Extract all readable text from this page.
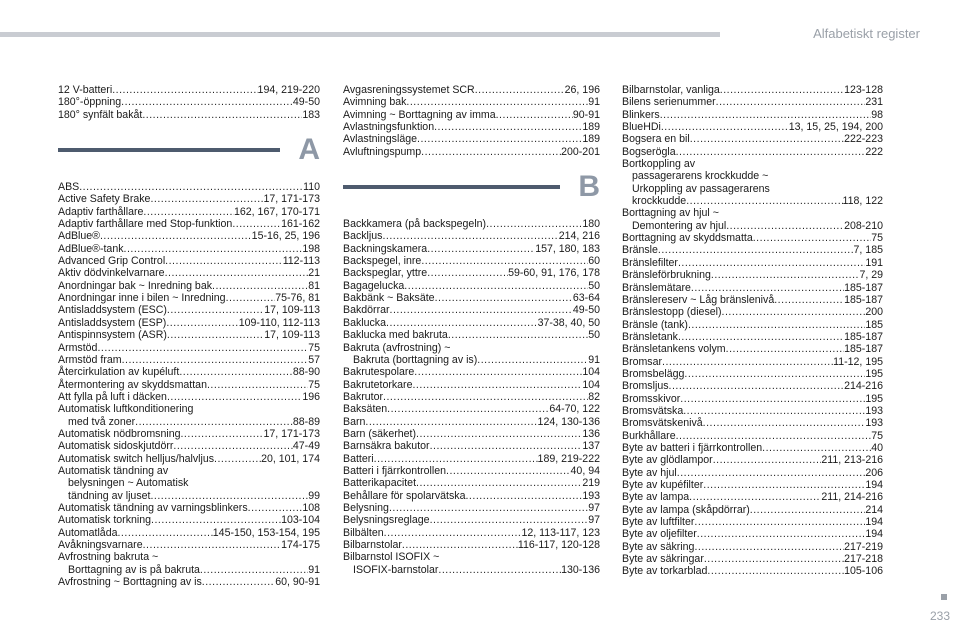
Alfabetiskt register
12 V-batteri .....	194, 219-220
180°-öppning .....	49-50
180° synfält bakåt .....	183
A
ABS .....	110
Active Safety Brake .....	17, 171-173
Adaptiv farthållare .....	162, 167, 170-171
Adaptiv farthållare med Stop-funktion .....	161-162
AdBlue® .....	15-16, 25, 196
AdBlue®-tank .....	198
Advanced Grip Control .....	112-113
Aktiv dödvinkelvarnare .....	21
Anordningar bak ~ Inredning bak .....	81
Anordningar inne i bilen ~ Inredning .....	75-76, 81
Antisladdsystem (ESC) .....	17, 109-113
Antisladdsystem (ESP) .....	109-110, 112-113
Antispinnsystem (ASR) .....	17, 109-113
Armstöd .....	75
Armstöd fram .....	57
Återcirkulation av kupéluft .....	88-90
Återmontering av skyddsmattan .....	75
Att fylla på luft i däcken .....	196
Automatisk luftkonditionering
med två zoner .....	88-89
Automatisk nödbromsning .....	17, 171-173
Automatisk sidoskjutdörr .....	47-49
Automatisk switch helljus/halvljus .....	20, 101, 174
Automatisk tändning av
belysningen ~ Automatisk
tändning av ljuset .....	99
Automatisk tändning av varningsblinkers .....	108
Automatisk torkning .....	103-104
Automatlåda .....	145-150, 153-154, 195
Avåkningsvarnare .....	174-175
Avfrostning bakruta ~
Borttagning av is på bakruta .....	91
Avfrostning ~ Borttagning av is .....	60, 90-91
Avgasreningssystemet SCR .....	26, 196
Avimning bak .....	91
Avimning ~ Borttagning av imma .....	90-91
Avlastningsfunktion .....	189
Avlastningsläge .....	189
Avluftningspump .....	200-201
B
Backkamera (på backspegeln) .....	180
Backljus .....	214, 216
Backningskamera .....	157, 180, 183
Backspegel, inre .....	60
Backspeglar, yttre .....	59-60, 91, 176, 178
Bagageluckа .....	50
Bakbänk ~ Baksäte .....	63-64
Bakdörrar .....	49-50
Baklucka .....	37-38, 40, 50
Baklucka med bakruta .....	50
Bakruta (avfrostning) ~
Bakruta (borttagning av is) .....	91
Bakrutespolare .....	104
Bakrutetorkare .....	104
Bakrutor .....	82
Baksäten .....	64-70, 122
Barn .....	124, 130-136
Barn (säkerhet) .....	136
Barnsäkra bakutor .....	137
Batteri .....	189, 219-222
Batteri i fjärrkontrollen .....	40, 94
Batterikapacitet .....	219
Behållare för spolarvätska .....	193
Belysning .....	97
Belysningsreglage .....	97
Bilbälten .....	12, 113-117, 123
Bilbarnstolar .....	116-117, 120-128
Bilbarnstol ISOFIX ~
ISOFIX-barnstolar .....	130-136
Bilbarnstolar, vanliga .....	123-128
Bilens serienummer .....	231
Blinkers .....	98
BlueHDi .....	13, 15, 25, 194, 200
Bogsera en bil .....	222-223
Bogserögla .....	222
Bortkoppling av
passagerarens krockkudde ~
Urkoppling av passagerarens
krockkudde .....	118, 122
Borttagning av hjul ~
Demontering av hjul .....	208-210
Borttagning av skyddsmatta .....	75
Bränsle .....	7, 185
Bränslefilter .....	191
Bränsleförbrukning .....	7, 29
Bränslemätare .....	185-187
Bränslereserv ~ Låg bränslenivå .....	185-187
Bränslestopp (diesel) .....	200
Bränsle (tank) .....	185
Bränsletank .....	185-187
Bränsletankens volym .....	185-187
Bromsar .....	11-12, 195
Bromsbelägg .....	195
Bromsljus .....	214-216
Bromsskivor .....	195
Bromsvätska .....	193
Bromsvätskenivå .....	193
Burkhållare .....	75
Byte av batteri i fjärrkontrollen .....	40
Byte av glödlampor .....	211, 213-216
Byte av hjul .....	206
Byte av kupéfilter .....	194
Byte av lampa .....	211, 214-216
Byte av lampa (skåpdörrar) .....	214
Byte av luftfilter .....	194
Byte av oljefilter .....	194
Byte av säkring .....	217-219
Byte av säkringar .....	217-218
Byte av torkarblad .....	105-106
233
